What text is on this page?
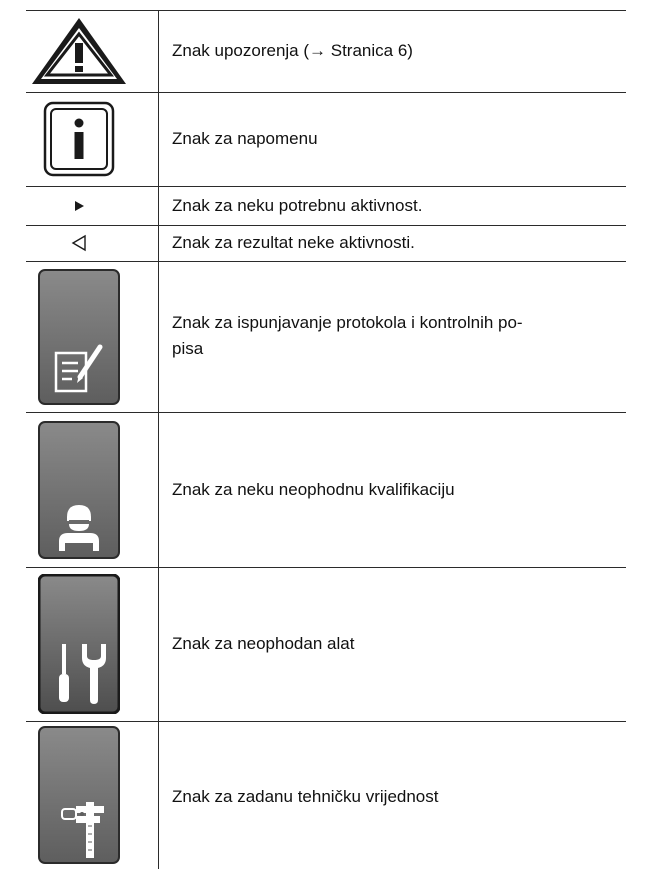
Znak upozorenja (→ Stranica 6)
Znak za napomenu
Znak za neku potrebnu aktivnost.
Znak za rezultat neke aktivnosti.
Znak za ispunjavanje protokola i kontrolnih po-
pisa
Znak za neku neophodnu kvalifikaciju
Znak za neophodan alat
Znak za zadanu tehničku vrijednost
